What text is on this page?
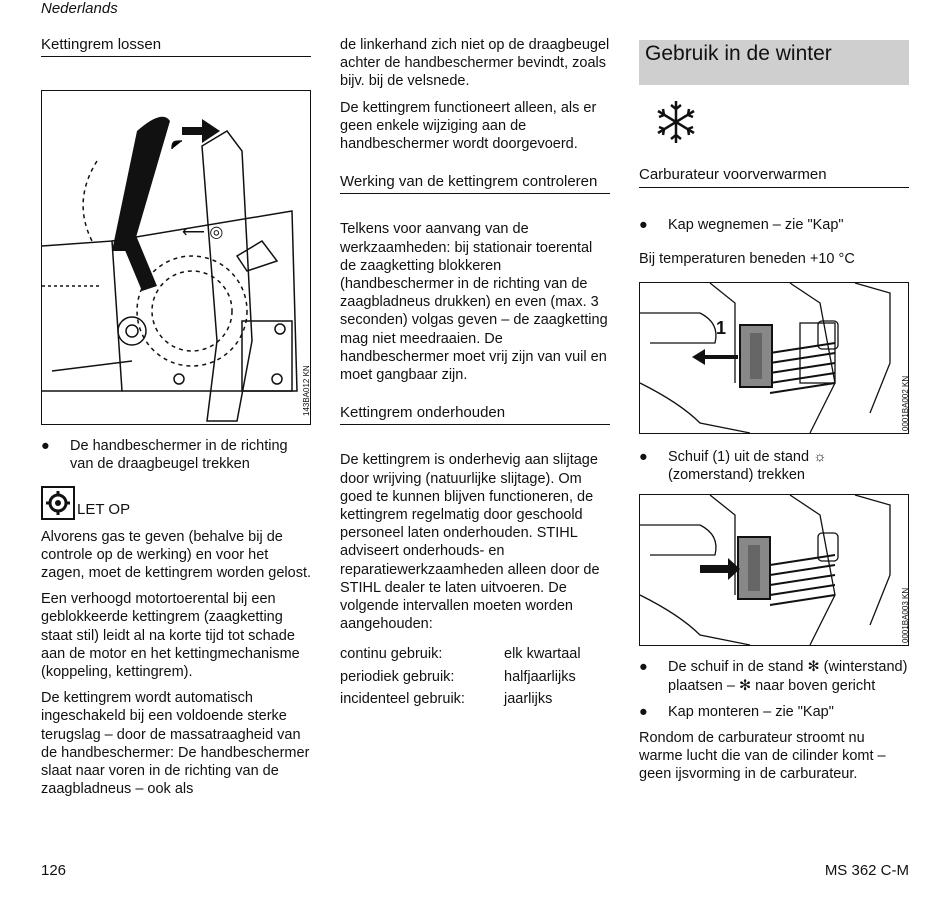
Nederlands
Kettingrem lossen
⟵ ◎
143BA012 KN
● De handbeschermer in de richting van de draagbeugel trekken
LET OP

Alvorens gas te geven (behalve bij de controle op de werking) en voor het zagen, moet de kettingrem worden gelost.

Een verhoogd motortoerental bij een geblokkeerde kettingrem (zaagketting staat stil) leidt al na korte tijd tot schade aan de motor en het kettingmechanisme (koppeling, kettingrem).

De kettingrem wordt automatisch ingeschakeld bij een voldoende sterke terugslag – door de massatraagheid van de handbeschermer: De handbeschermer slaat naar voren in de richting van de zaagbladneus – ook als

de linkerhand zich niet op de draagbeugel achter de handbeschermer bevindt, zoals bijv. bij de velsnede.

De kettingrem functioneert alleen, als er geen enkele wijziging aan de handbeschermer wordt doorgevoerd.

Werking van de kettingrem controleren

Telkens voor aanvang van de werkzaamheden: bij stationair toerental de zaagketting blokkeren (handbeschermer in de richting van de zaagbladneus drukken) en even (max. 3 seconden) volgas geven – de zaagketting mag niet meedraaien. De handbeschermer moet vrij zijn van vuil en moet gangbaar zijn.

Kettingrem onderhouden

De kettingrem is onderhevig aan slijtage door wrijving (natuurlijke slijtage). Om goed te kunnen blijven functioneren, de kettingrem regelmatig door geschoold personeel laten onderhouden. STIHL adviseert onderhouds- en reparatiewerkzaamheden alleen door de STIHL dealer te laten uitvoeren. De volgende intervallen moeten worden aangehouden:

continu gebruik:	elk kwartaal
periodiek gebruik:	halfjaarlijks
incidenteel gebruik:	jaarlijks
Gebruik in de winter
Carburateur voorverwarmen
● Kap wegnemen – zie "Kap"

Bij temperaturen beneden +10 °C

1
0001BA002 KN
● Schuif (1) uit de stand ☼ (zomerstand) trekken
0001BA003 KN
● De schuif in de stand ✻ (winterstand) plaatsen – ✻ naar boven gericht
● Kap monteren – zie "Kap"

Rondom de carburateur stroomt nu warme lucht die van de cilinder komt – geen ijsvorming in de carburateur.

126	MS 362 C-M
